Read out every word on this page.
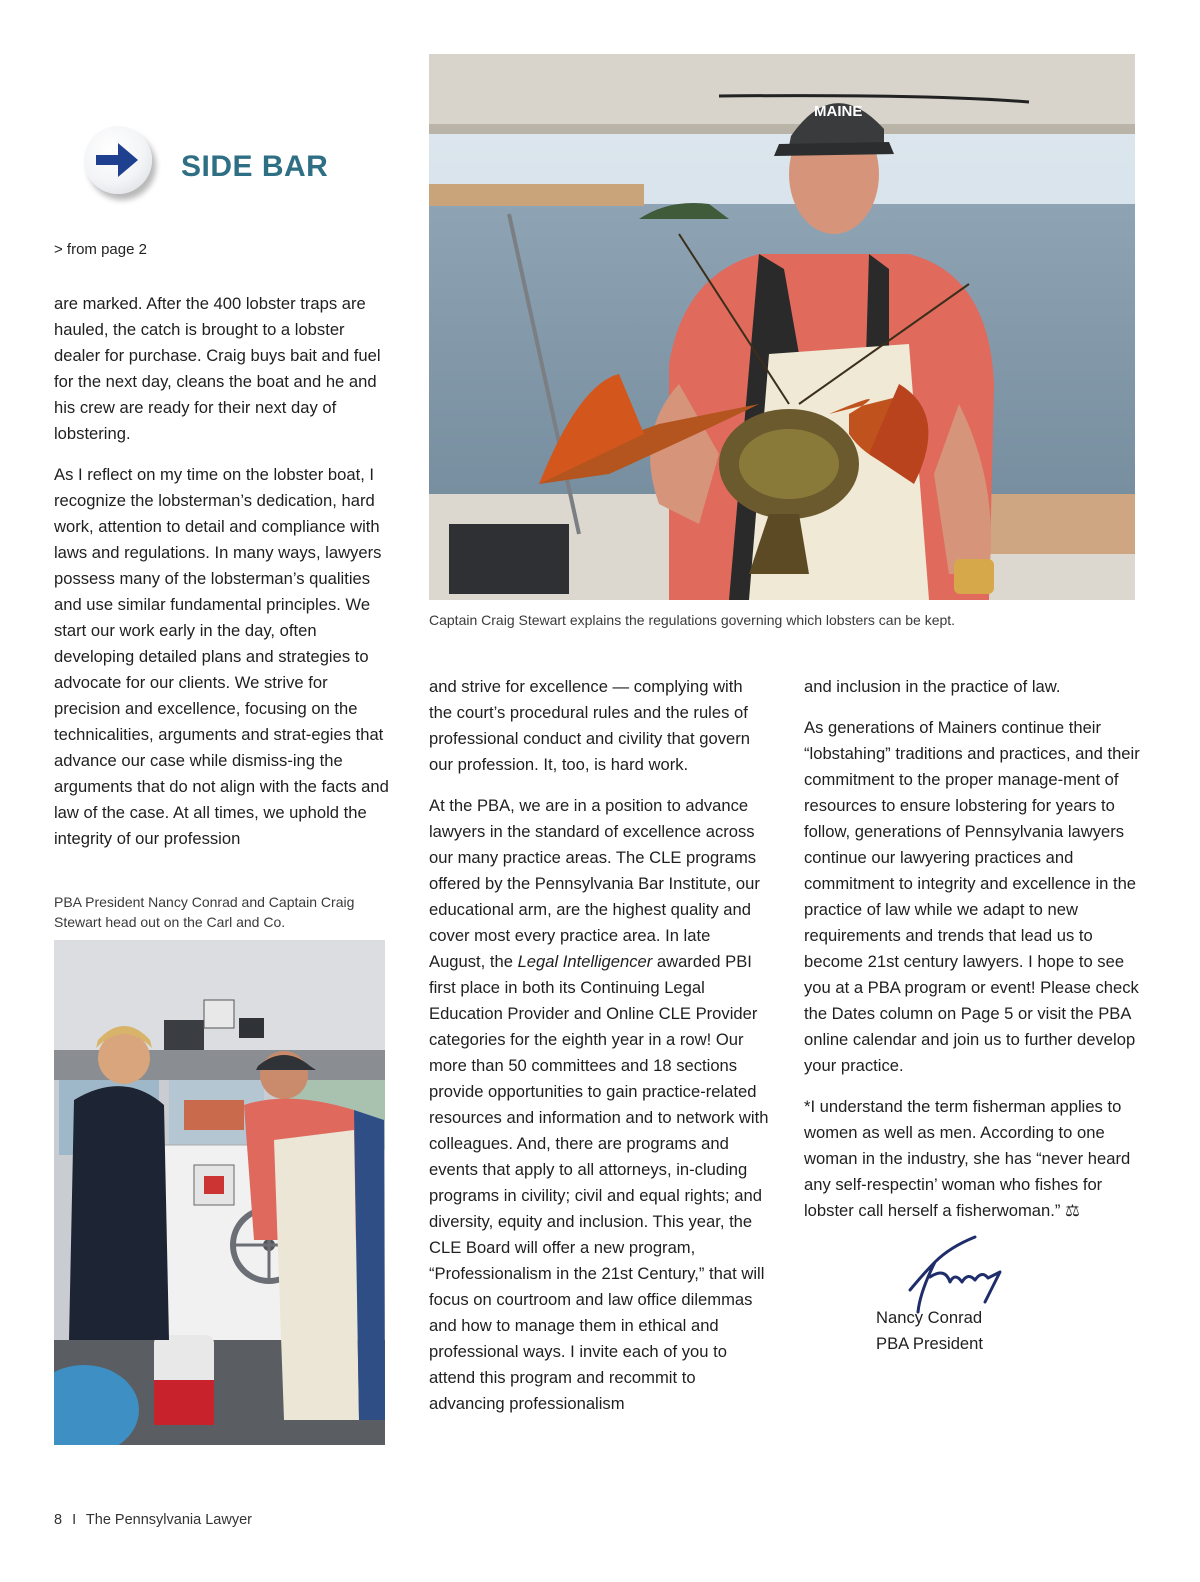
SIDE BAR
> from page 2

are marked. After the 400 lobster traps are hauled, the catch is brought to a lobster dealer for purchase. Craig buys bait and fuel for the next day, cleans the boat and he and his crew are ready for their next day of lobstering.

As I reflect on my time on the lobster boat, I recognize the lobsterman’s dedication, hard work, attention to detail and compliance with laws and regulations. In many ways, lawyers possess many of the lobsterman’s qualities and use similar fundamental principles. We start our work early in the day, often developing detailed plans and strategies to advocate for our clients. We strive for precision and excellence, focusing on the technicalities, arguments and strat-egies that advance our case while dismiss-ing the arguments that do not align with the facts and law of the case. At all times, we uphold the integrity of our profession

PBA President Nancy Conrad and Captain Craig Stewart head out on the Carl and Co.
MAINE
Captain Craig Stewart explains the regulations governing which lobsters can be kept.

and strive for excellence — complying with the court’s procedural rules and the rules of professional conduct and civility that govern our profession. It, too, is hard work.

At the PBA, we are in a position to advance lawyers in the standard of excellence across our many practice areas. The CLE programs offered by the Pennsylvania Bar Institute, our educational arm, are the highest quality and cover most every practice area. In late August, the Legal Intelligencer awarded PBI first place in both its Continuing Legal Education Provider and Online CLE Provider categories for the eighth year in a row! Our more than 50 committees and 18 sections provide opportunities to gain practice-related resources and information and to network with colleagues. And, there are programs and events that apply to all attorneys, in-cluding programs in civility; civil and equal rights; and diversity, equity and inclusion. This year, the CLE Board will offer a new program, “Professionalism in the 21st Century,” that will focus on courtroom and law office dilemmas and how to manage them in ethical and professional ways. I invite each of you to attend this program and recommit to advancing professionalism

and inclusion in the practice of law.

As generations of Mainers continue their “lobstahing” traditions and practices, and their commitment to the proper manage-ment of resources to ensure lobstering for years to follow, generations of Pennsylvania lawyers continue our lawyering practices and commitment to integrity and excellence in the practice of law while we adapt to new requirements and trends that lead us to become 21st century lawyers. I hope to see you at a PBA program or event! Please check the Dates column on Page 5 or visit the PBA online calendar and join us to further develop your practice.

*I understand the term fisherman applies to women as well as men. According to one woman in the industry, she has “never heard any self-respectin’ woman who fishes for lobster call herself a fisherwoman.” ⚖

Nancy Conrad
PBA President
8 I The Pennsylvania Lawyer
